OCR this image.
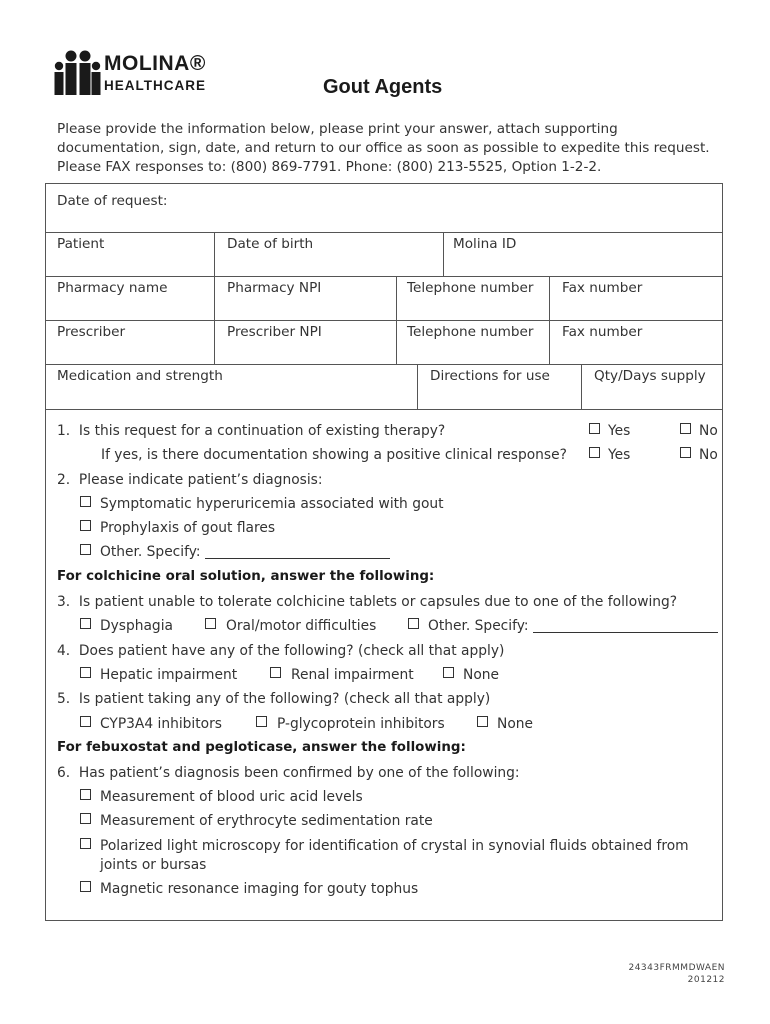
MOLINA®
HEALTHCARE	Gout Agents

Please provide the information below, please print your answer, attach supporting

documentation, sign, date, and return to our office as soon as possible to expedite this request.

Please FAX responses to: (800) 869-7791. Phone: (800) 213-5525, Option 1-2-2.

Date of request:
Patient	Date of birth	Molina ID
Pharmacy name	Pharmacy NPI	Telephone number Fax number
Prescriber	Prescriber NPI	Telephone number Fax number
Medication and strength	Directions for use	Qty/Days supply
1.  Is this request for a continuation of existing therapy?	Yes	No
If yes, is there documentation showing a positive clinical response?	Yes	No
2.  Please indicate patient’s diagnosis:
Symptomatic hyperuricemia associated with gout
Prophylaxis of gout flares
Other. Specify:
For colchicine oral solution, answer the following:
3.  Is patient unable to tolerate colchicine tablets or capsules due to one of the following?
Dysphagia	Oral/motor difficulties	Other. Specify:
4.  Does patient have any of the following? (check all that apply)
Hepatic impairment	Renal impairment	None
5.  Is patient taking any of the following? (check all that apply)
CYP3A4 inhibitors	P-glycoprotein inhibitors	None
For febuxostat and pegloticase, answer the following:
6.  Has patient’s diagnosis been confirmed by one of the following:
Measurement of blood uric acid levels
Measurement of erythrocyte sedimentation rate
Polarized light microscopy for identification of crystal in synovial fluids obtained from
joints or bursas
Magnetic resonance imaging for gouty tophus
24343FRMMDWAEN
201212
